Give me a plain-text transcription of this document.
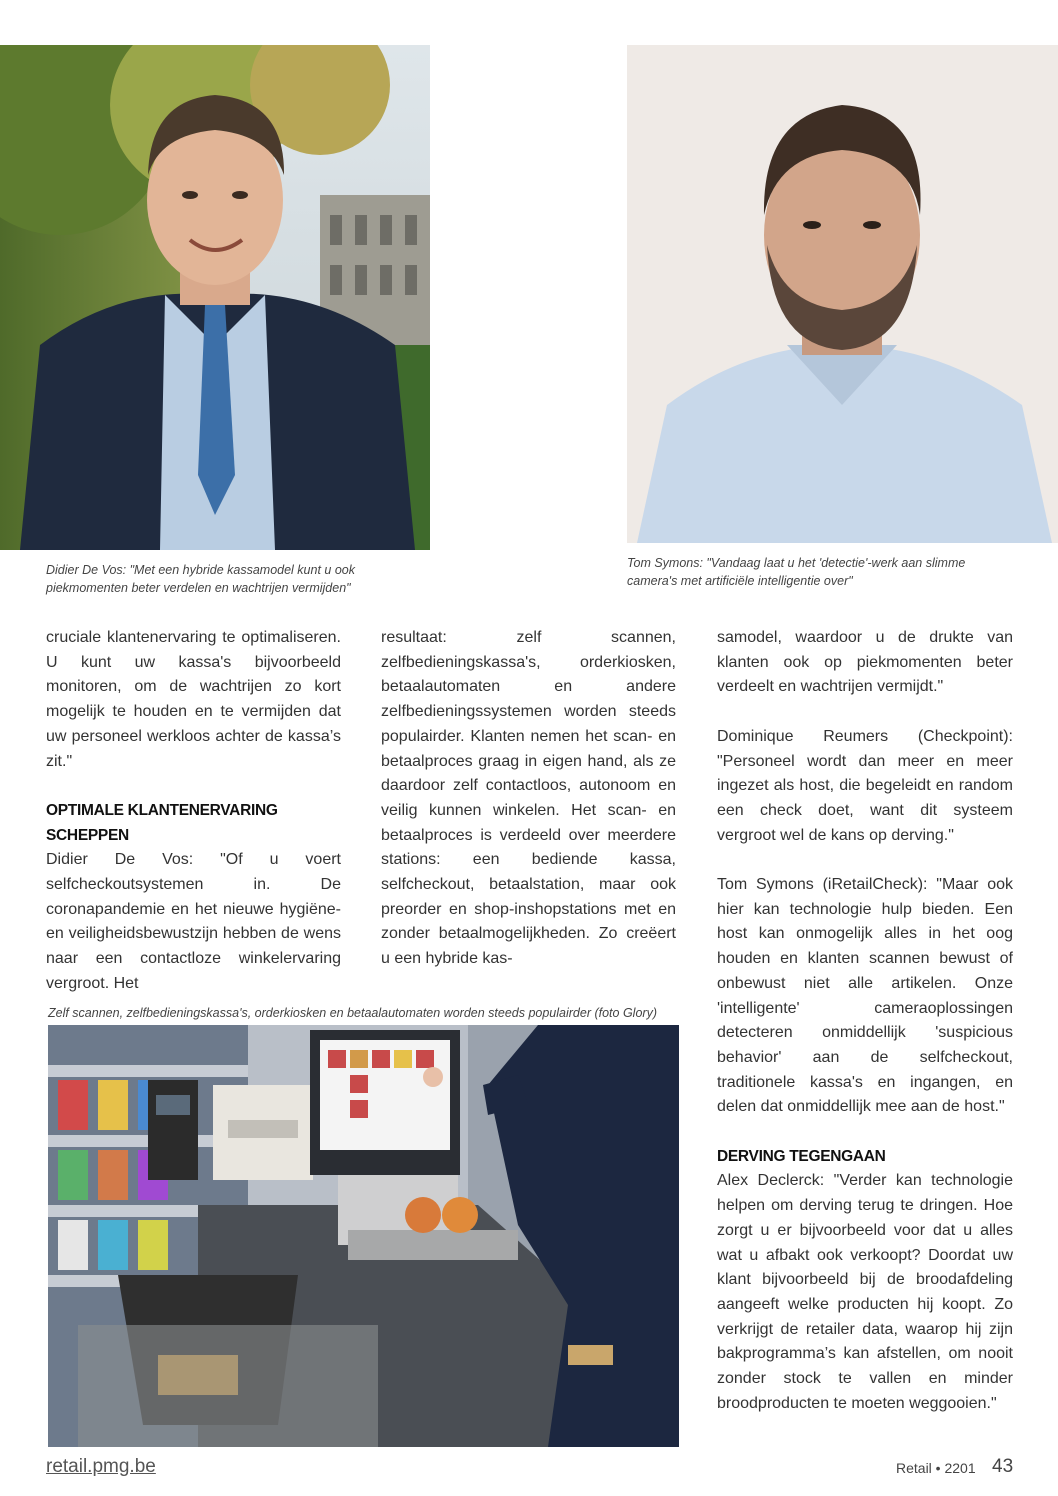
Didier De Vos: "Met een hybride kassamodel kunt u ook
piekmomenten beter verdelen en wachtrijen vermijden"
Tom Symons: "Vandaag laat u het 'detectie'-werk aan slimme
camera's met artificiële intelligentie over"

cruciale klantenervaring te optimaliseren. U kunt uw kassa's bijvoorbeeld monitoren, om de wachtrijen zo kort mogelijk te houden en te vermijden dat uw personeel werkloos achter de kassa’s zit."

OPTIMALE KLANTENERVARING SCHEPPEN

Didier De Vos: "Of u voert selfcheckoutsystemen in. De coronapandemie en het nieuwe hygiëne- en veiligheidsbewustzijn hebben de wens naar een contactloze winkelervaring vergroot. Het

resultaat: zelf scannen, zelfbedieningskassa's, orderkiosken, betaalautomaten en andere zelfbedieningssystemen worden steeds populairder. Klanten nemen het scan- en betaalproces graag in eigen hand, als ze daardoor zelf contactloos, autonoom en veilig kunnen winkelen. Het scan- en betaalproces is verdeeld over meerdere stations: een bediende kassa, selfcheckout, betaalstation, maar ook preorder en shop-inshopstations met en zonder betaalmogelijkheden. Zo creëert u een hybride kas-

samodel, waardoor u de drukte van klanten ook op piekmomenten beter verdeelt en wachtrijen vermijdt."

Dominique Reumers (Checkpoint): "Personeel wordt dan meer en meer ingezet als host, die begeleidt en random een check doet, want dit systeem vergroot wel de kans op derving."

Tom Symons (iRetailCheck): "Maar ook hier kan technologie hulp bieden. Een host kan onmogelijk alles in het oog houden en klanten scannen bewust of onbewust niet alle artikelen. Onze 'intelligente' cameraoplossingen detecteren onmiddellijk 'suspicious behavior' aan de selfcheckout, traditionele kassa's en ingangen, en delen dat onmiddellijk mee aan de host."

DERVING TEGENGAAN

Alex Declerck: "Verder kan technologie helpen om derving terug te dringen. Hoe zorgt u er bijvoorbeeld voor dat u alles wat u afbakt ook verkoopt? Doordat uw klant bijvoorbeeld bij de broodafdeling aangeeft welke producten hij koopt. Zo verkrijgt de retailer data, waarop hij zijn bakprogramma’s kan afstellen, om nooit zonder stock te vallen en minder broodproducten te moeten weggooien."

Zelf scannen, zelfbedieningskassa's, orderkiosken en betaalautomaten worden steeds populairder (foto Glory)
retail.pmg.be	Retail • 2201 43
